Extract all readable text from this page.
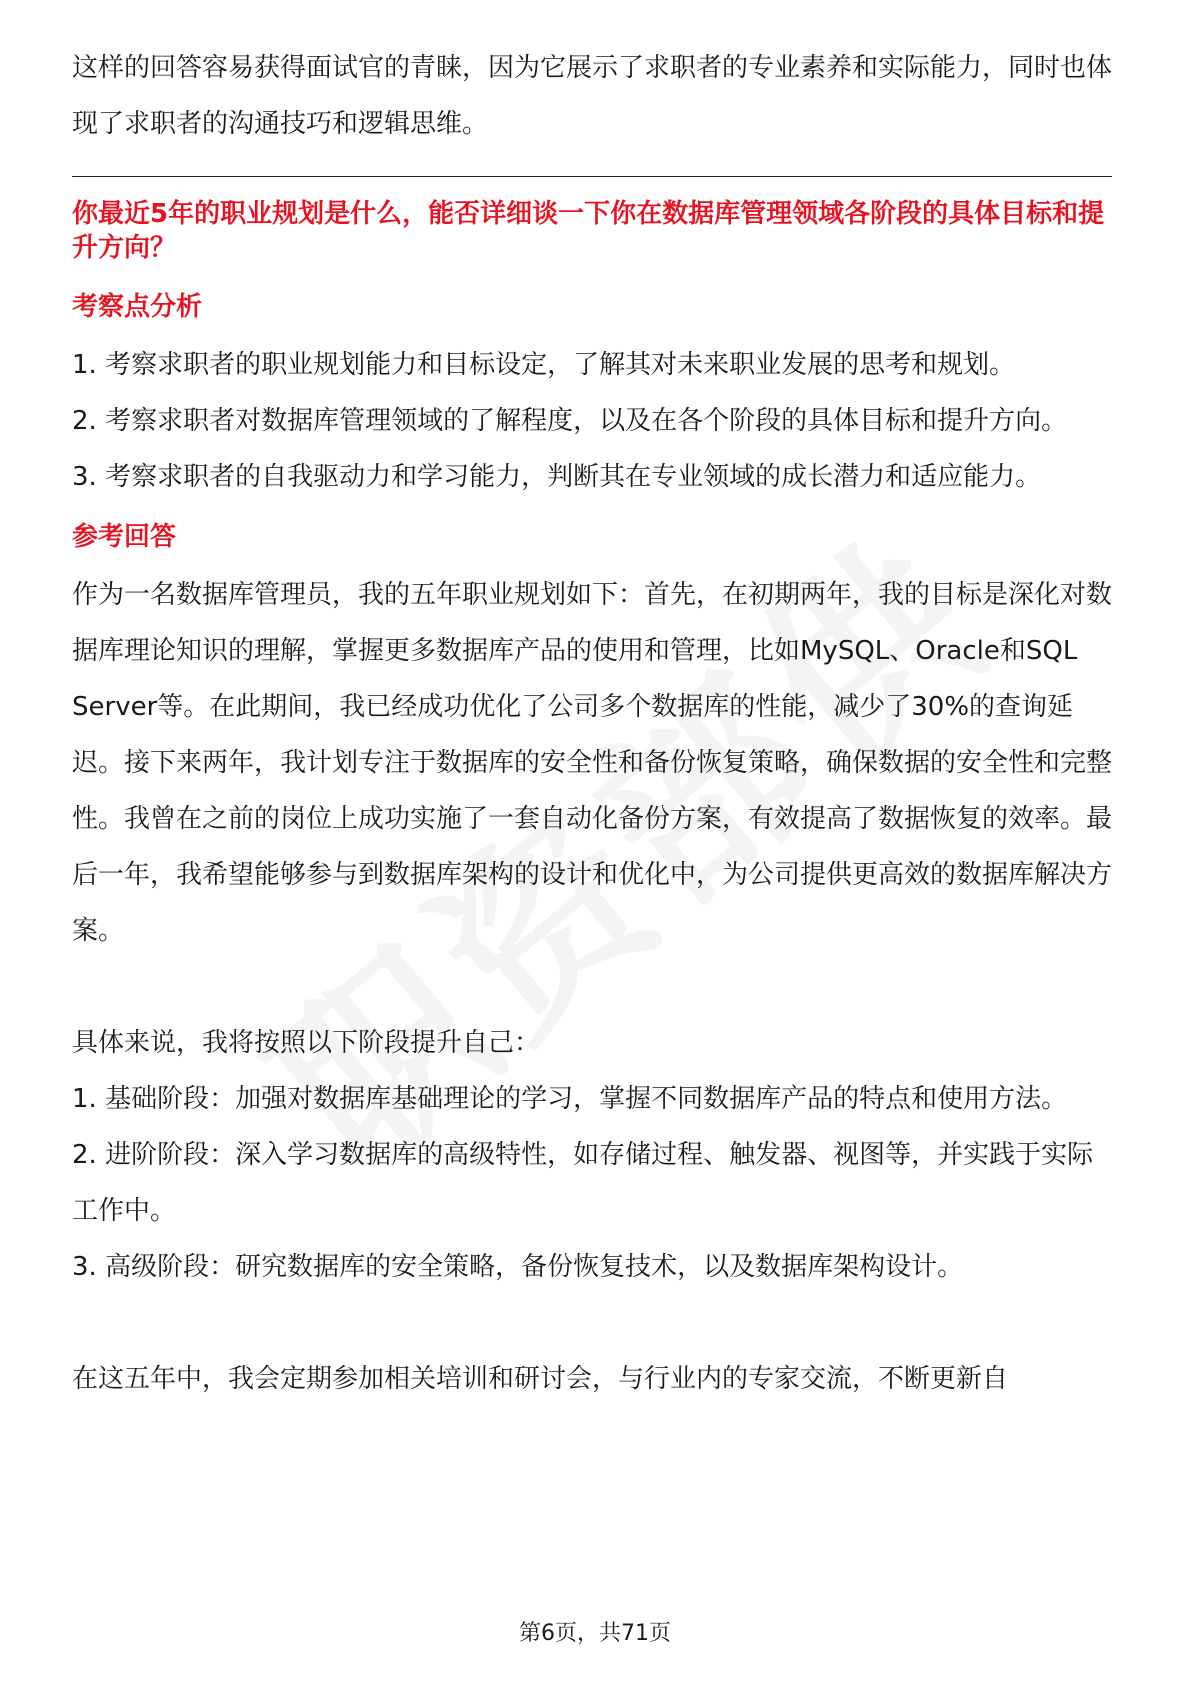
这样的回答容易获得面试官的青睐，因为它展示了求职者的专业素养和实际能力，同时也体现了求职者的沟通技巧和逻辑思维。

你最近5年的职业规划是什么，能否详细谈一下你在数据库管理领域各阶段的具体目标和提升方向？

考察点分析

1. 考察求职者的职业规划能力和目标设定，了解其对未来职业发展的思考和规划。

2. 考察求职者对数据库管理领域的了解程度，以及在各个阶段的具体目标和提升方向。

3. 考察求职者的自我驱动力和学习能力，判断其在专业领域的成长潜力和适应能力。

参考回答

作为一名数据库管理员，我的五年职业规划如下：首先，在初期两年，我的目标是深化对数据库理论知识的理解，掌握更多数据库产品的使用和管理，比如MySQL、Oracle和SQL Server等。在此期间，我已经成功优化了公司多个数据库的性能，减少了30%的查询延迟。接下来两年，我计划专注于数据库的安全性和备份恢复策略，确保数据的安全性和完整性。我曾在之前的岗位上成功实施了一套自动化备份方案，有效提高了数据恢复的效率。最后一年，我希望能够参与到数据库架构的设计和优化中，为公司提供更高效的数据库解决方案。

具体来说，我将按照以下阶段提升自己：

1. 基础阶段：加强对数据库基础理论的学习，掌握不同数据库产品的特点和使用方法。

2. 进阶阶段：深入学习数据库的高级特性，如存储过程、触发器、视图等，并实践于实际工作中。

3. 高级阶段：研究数据库的安全策略，备份恢复技术，以及数据库架构设计。

在这五年中，我会定期参加相关培训和研讨会，与行业内的专家交流，不断更新自

第6页，共71页
